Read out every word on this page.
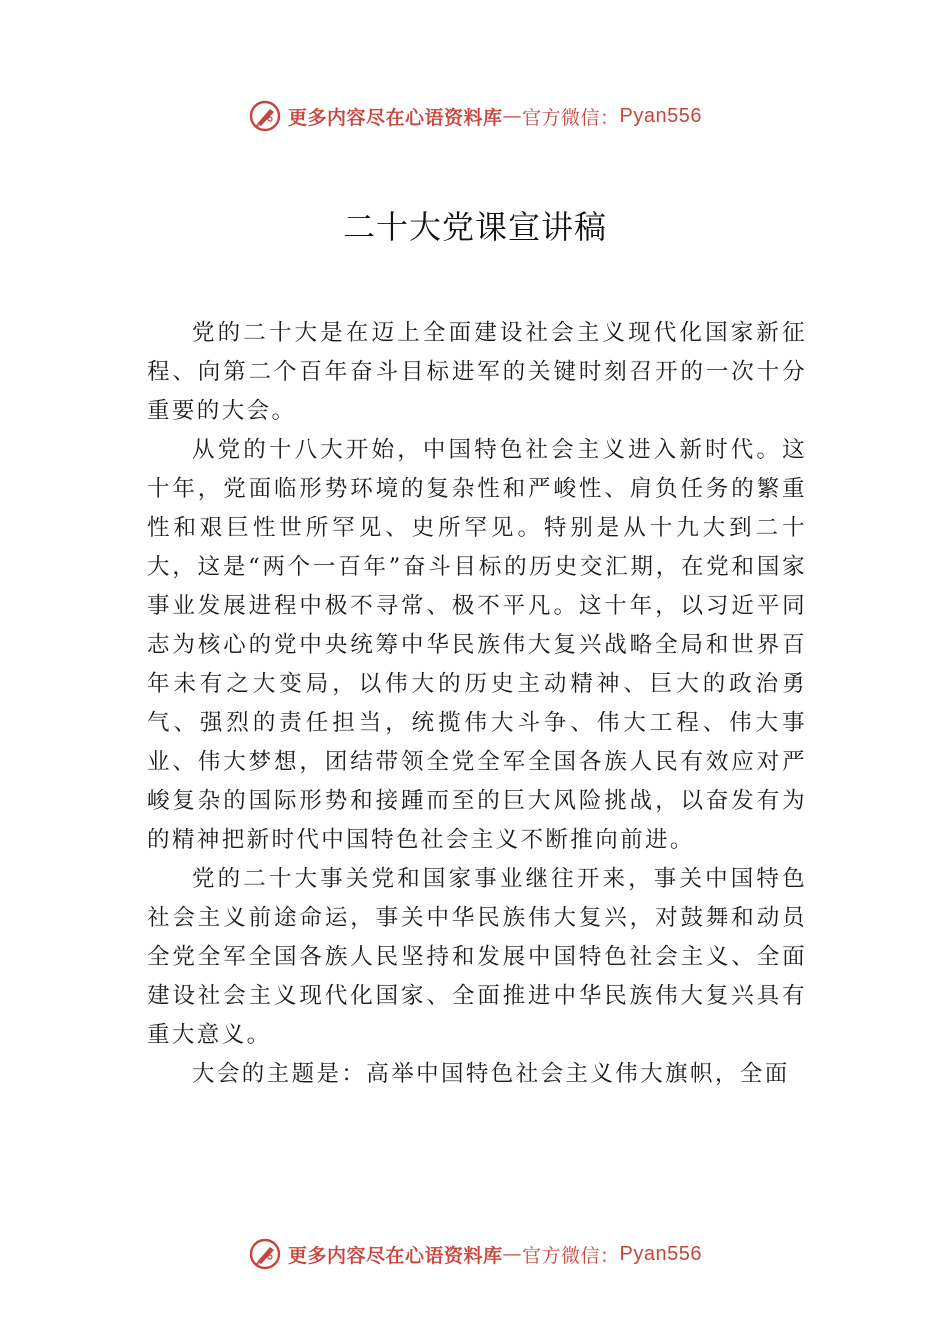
更多内容尽在心语资料库 — 官方微信： Pyan556
二十大党课宣讲稿

党的二十大是在迈上全面建设社会主义现代化国家新征程、向第二个百年奋斗目标进军的关键时刻召开的一次十分重要的大会。

从党的十八大开始，中国特色社会主义进入新时代。这十年，党面临形势环境的复杂性和严峻性、肩负任务的繁重性和艰巨性世所罕见、史所罕见。特别是从十九大到二十大，这是“两个一百年”奋斗目标的历史交汇期，在党和国家事业发展进程中极不寻常、极不平凡。这十年，以习近平同志为核心的党中央统筹中华民族伟大复兴战略全局和世界百年未有之大变局，以伟大的历史主动精神、巨大的政治勇气、强烈的责任担当，统揽伟大斗争、伟大工程、伟大事业、伟大梦想，团结带领全党全军全国各族人民有效应对严峻复杂的国际形势和接踵而至的巨大风险挑战，以奋发有为的精神把新时代中国特色社会主义不断推向前进。

党的二十大事关党和国家事业继往开来，事关中国特色社会主义前途命运，事关中华民族伟大复兴，对鼓舞和动员全党全军全国各族人民坚持和发展中国特色社会主义、全面建设社会主义现代化国家、全面推进中华民族伟大复兴具有重大意义。

大会的主题是：高举中国特色社会主义伟大旗帜，全面

更多内容尽在心语资料库 — 官方微信： Pyan556
